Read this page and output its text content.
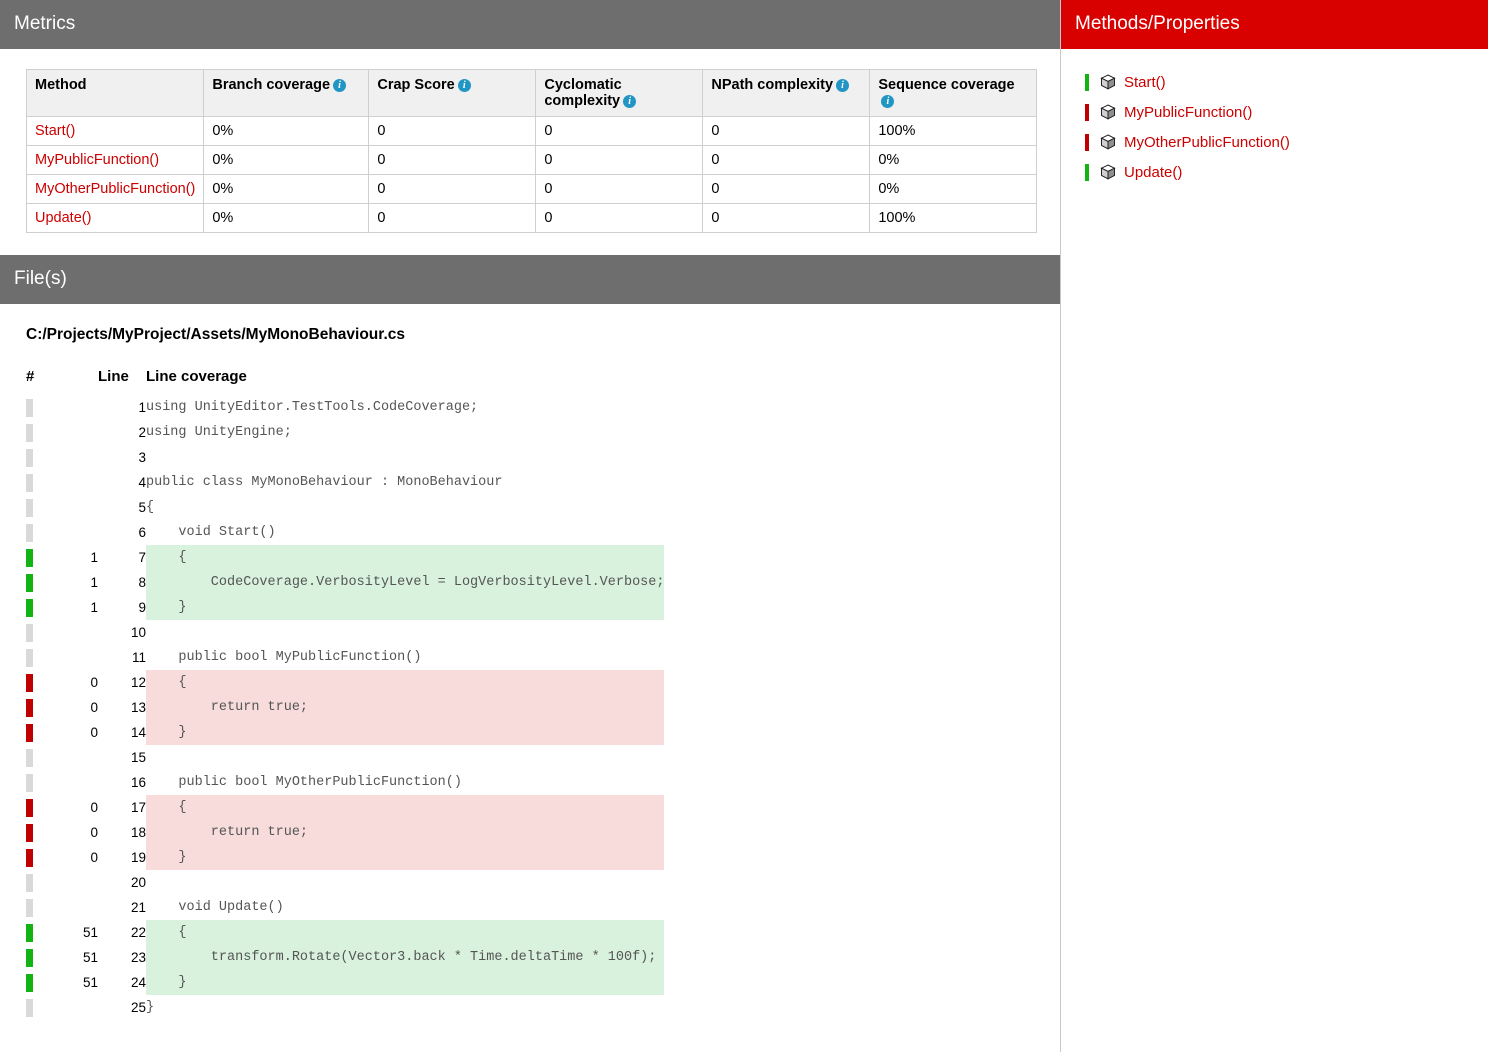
Metrics
Method	Branch coverage i	Crap Score i	Cyclomatic complexity i	NPath complexity i	Sequence coveragei
Start()	0%	0	0	0	100%
MyPublicFunction()	0%	0	0	0	0%
MyOtherPublicFunction()	0%	0	0	0	0%
Update()	0%	0	0	0	100%
File(s)
C:/Projects/MyProject/Assets/MyMonoBehaviour.cs
#		Line	Line coverage
		1	using UnityEditor.TestTools.CodeCoverage;
		2	using UnityEngine;
		3	
		4	public class MyMonoBehaviour : MonoBehaviour
		5	{
		6	void Start()
	1	7	{
	1	8	CodeCoverage.VerbosityLevel = LogVerbosityLevel.Verbose;
	1	9	}
		10	
		11	public bool MyPublicFunction()
	0	12	{
	0	13	return true;
	0	14	}
		15	
		16	public bool MyOtherPublicFunction()
	0	17	{
	0	18	return true;
	0	19	}
		20	
		21	void Update()
	51	22	{
	51	23	transform.Rotate(Vector3.back * Time.deltaTime * 100f);
	51	24	}
		25	}
Methods/Properties
Start()
MyPublicFunction()
MyOtherPublicFunction()
Update()
